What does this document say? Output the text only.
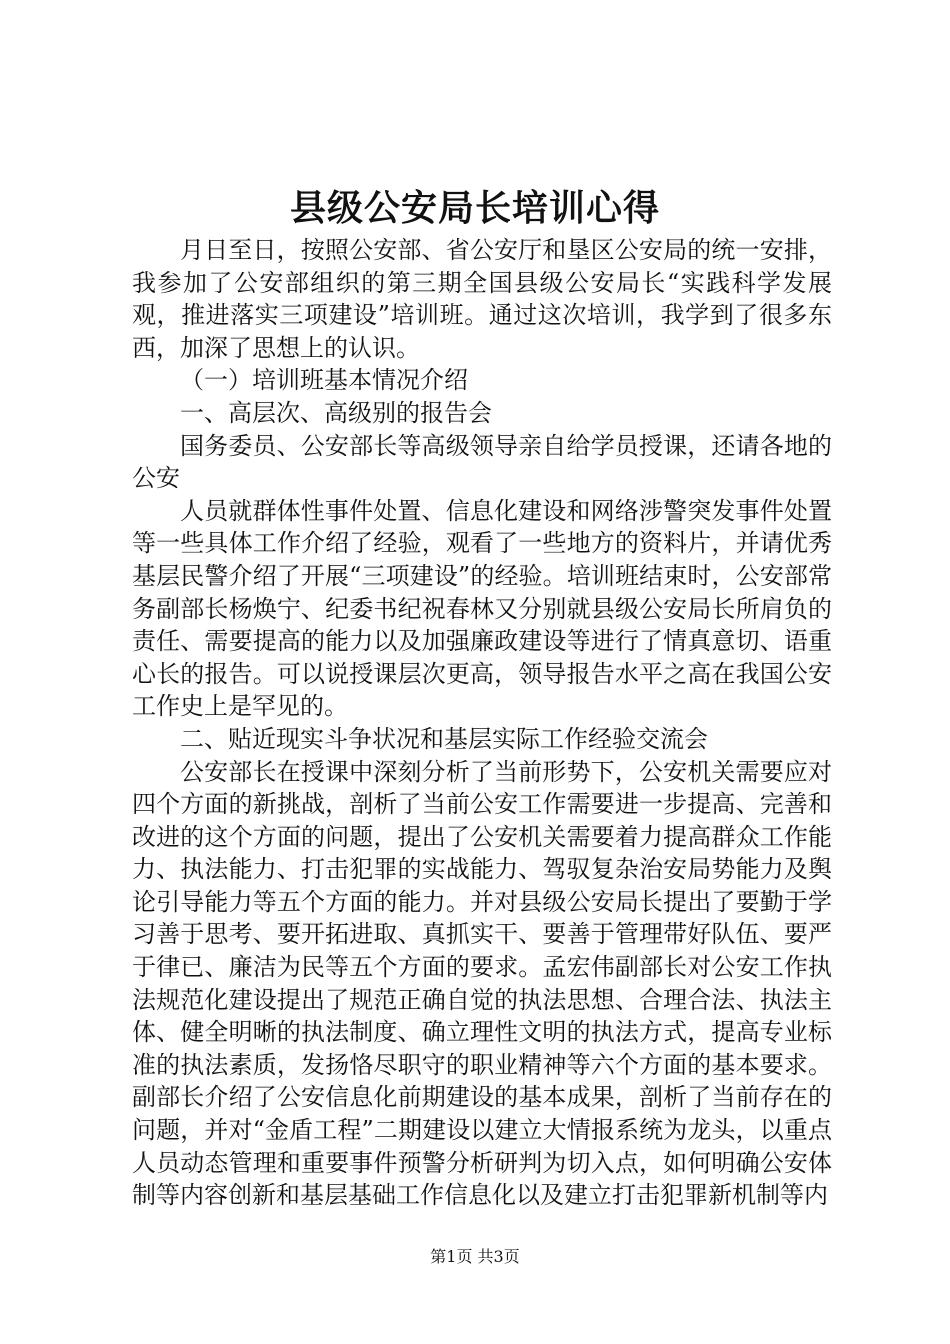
县级公安局长培训心得

月日至日，按照公安部、省公安厅和垦区公安局的统一安排，我参加了公安部组织的第三期全国县级公安局长“实践科学发展观，推进落实三项建设”培训班。通过这次培训，我学到了很多东西，加深了思想上的认识。

（一）培训班基本情况介绍

一、高层次、高级别的报告会

国务委员、公安部长等高级领导亲自给学员授课，还请各地的公安

人员就群体性事件处置、信息化建设和网络涉警突发事件处置等一些具体工作介绍了经验，观看了一些地方的资料片，并请优秀基层民警介绍了开展“三项建设”的经验。培训班结束时，公安部常务副部长杨焕宁、纪委书纪祝春林又分别就县级公安局长所肩负的责任、需要提高的能力以及加强廉政建设等进行了情真意切、语重心长的报告。可以说授课层次更高，领导报告水平之高在我国公安工作史上是罕见的。

二、贴近现实斗争状况和基层实际工作经验交流会

公安部长在授课中深刻分析了当前形势下，公安机关需要应对四个方面的新挑战，剖析了当前公安工作需要进一步提高、完善和改进的这个方面的问题，提出了公安机关需要着力提高群众工作能力、执法能力、打击犯罪的实战能力、驾驭复杂治安局势能力及舆论引导能力等五个方面的能力。并对县级公安局长提出了要勤于学习善于思考、要开拓进取、真抓实干、要善于管理带好队伍、要严于律已、廉洁为民等五个方面的要求。孟宏伟副部长对公安工作执法规范化建设提出了规范正确自觉的执法思想、合理合法、执法主体、健全明晰的执法制度、确立理性文明的执法方式，提高专业标准的执法素质，发扬恪尽职守的职业精神等六个方面的基本要求。副部长介绍了公安信息化前期建设的基本成果，剖析了当前存在的问题，并对“金盾工程”二期建设以建立大情报系统为龙头，以重点人员动态管理和重要事件预警分析研判为切入点，如何明确公安体制等内容创新和基层基础工作信息化以及建立打击犯罪新机制等内

第1页 共3页
